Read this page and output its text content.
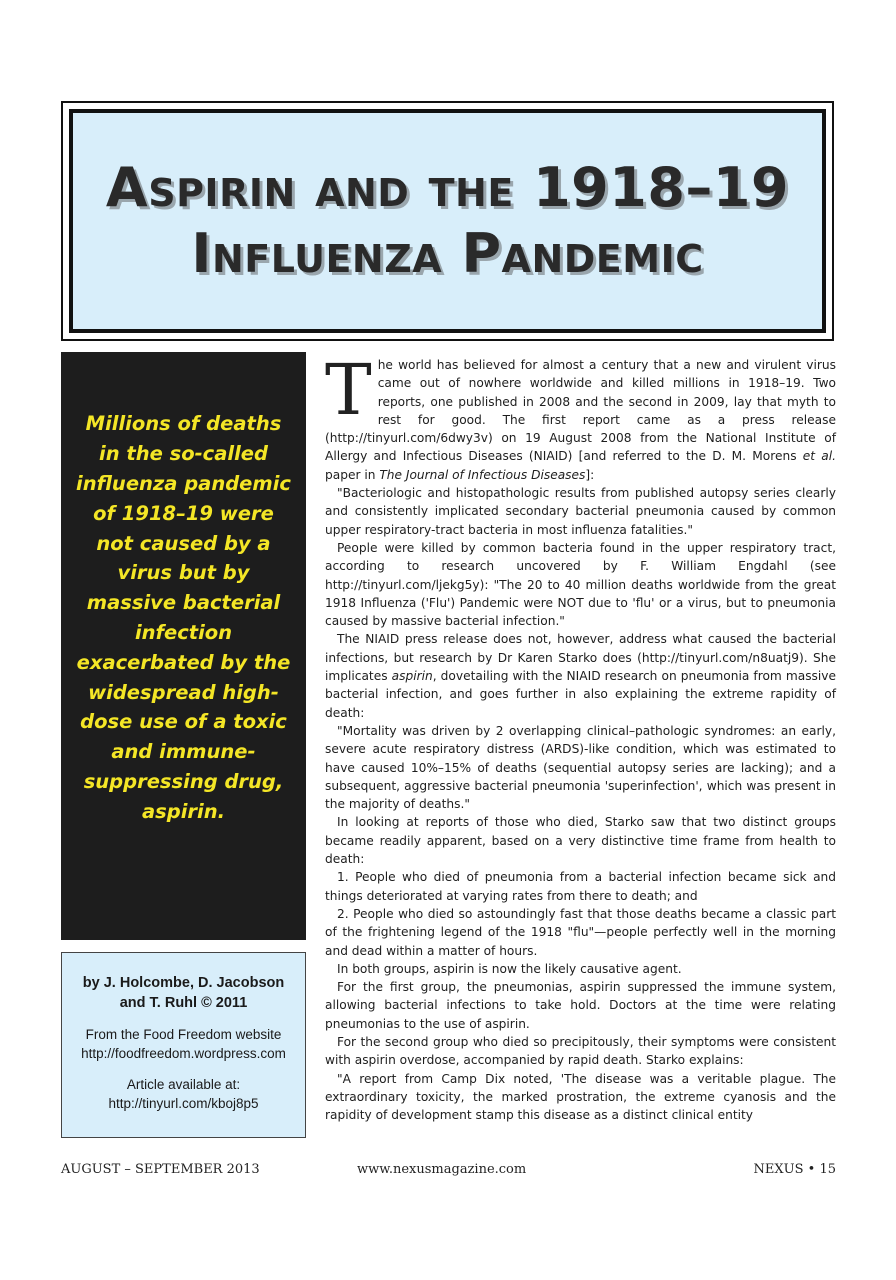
Aspirin and the 1918–19
Influenza Pandemic
Millions of deaths in the so-called influenza pandemic of 1918–19 were not caused by a virus but by massive bacterial infection exacerbated by the widespread high-dose use of a toxic and immune-suppressing drug, aspirin.
by J. Holcombe, D. Jacobson
and T. Ruhl © 2011
From the Food Freedom website
http://foodfreedom.wordpress.com
Article available at:
http://tinyurl.com/kboj8p5

The world has believed for almost a century that a new and virulent virus came out of nowhere worldwide and killed millions in 1918–19. Two reports, one published in 2008 and the second in 2009, lay that myth to rest for good. The first report came as a press release (http://tinyurl.com/6dwy3v) on 19 August 2008 from the National Institute of Allergy and Infectious Diseases (NIAID) [and referred to the D. M. Morens et al. paper in The Journal of Infectious Diseases]:

"Bacteriologic and histopathologic results from published autopsy series clearly and consistently implicated secondary bacterial pneumonia caused by common upper respiratory-tract bacteria in most influenza fatalities."

People were killed by common bacteria found in the upper respiratory tract, according to research uncovered by F. William Engdahl (see http://tinyurl.com/ljekg5y): "The 20 to 40 million deaths worldwide from the great 1918 Influenza ('Flu') Pandemic were NOT due to 'flu' or a virus, but to pneumonia caused by massive bacterial infection."

The NIAID press release does not, however, address what caused the bacterial infections, but research by Dr Karen Starko does (http://tinyurl.com/n8uatj9). She implicates aspirin, dovetailing with the NIAID research on pneumonia from massive bacterial infection, and goes further in also explaining the extreme rapidity of death:

"Mortality was driven by 2 overlapping clinical–pathologic syndromes: an early, severe acute respiratory distress (ARDS)-like condition, which was estimated to have caused 10%–15% of deaths (sequential autopsy series are lacking); and a subsequent, aggressive bacterial pneumonia 'superinfection', which was present in the majority of deaths."

In looking at reports of those who died, Starko saw that two distinct groups became readily apparent, based on a very distinctive time frame from health to death:

1. People who died of pneumonia from a bacterial infection became sick and things deteriorated at varying rates from there to death; and

2. People who died so astoundingly fast that those deaths became a classic part of the frightening legend of the 1918 "flu"—people perfectly well in the morning and dead within a matter of hours.

In both groups, aspirin is now the likely causative agent.

For the first group, the pneumonias, aspirin suppressed the immune system, allowing bacterial infections to take hold. Doctors at the time were relating pneumonias to the use of aspirin.

For the second group who died so precipitously, their symptoms were consistent with aspirin overdose, accompanied by rapid death. Starko explains:

"A report from Camp Dix noted, 'The disease was a veritable plague. The extraordinary toxicity, the marked prostration, the extreme cyanosis and the rapidity of development stamp this disease as a distinct clinical entity

AUGUST – SEPTEMBER 2013	www.nexusmagazine.com	NEXUS • 15
